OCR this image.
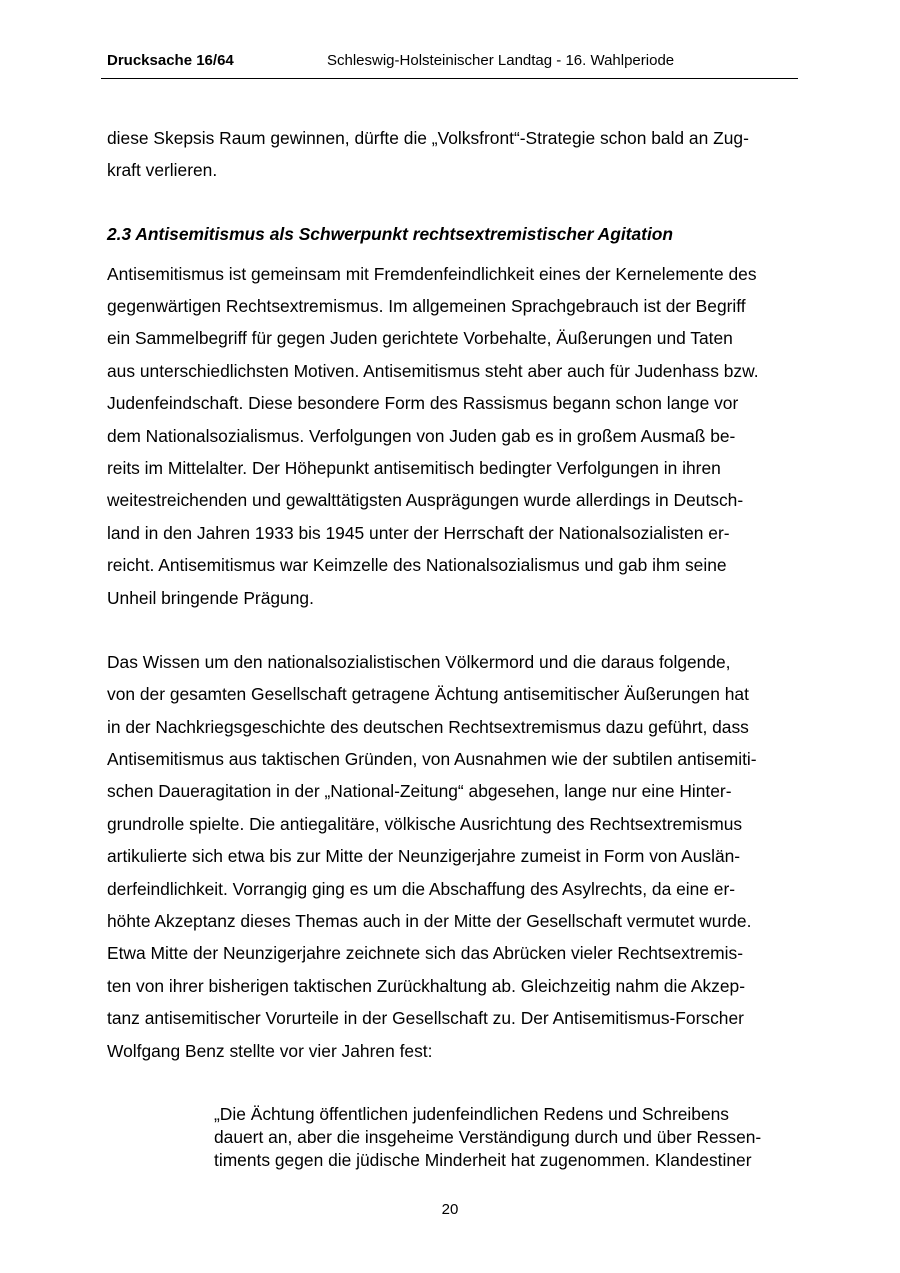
Drucksache 16/64	Schleswig-Holsteinischer Landtag - 16. Wahlperiode
diese Skepsis Raum gewinnen, dürfte die „Volksfront“-Strategie schon bald an Zug-
kraft verlieren.
2.3 Antisemitismus als Schwerpunkt rechtsextremistischer Agitation
Antisemitismus ist gemeinsam mit Fremdenfeindlichkeit eines der Kernelemente des
gegenwärtigen Rechtsextremismus. Im allgemeinen Sprachgebrauch ist der Begriff
ein Sammelbegriff für gegen Juden gerichtete Vorbehalte, Äußerungen und Taten
aus unterschiedlichsten Motiven. Antisemitismus steht aber auch für Judenhass bzw.
Judenfeindschaft. Diese besondere Form des Rassismus begann schon lange vor
dem Nationalsozialismus. Verfolgungen von Juden gab es in großem Ausmaß be-
reits im Mittelalter. Der Höhepunkt antisemitisch bedingter Verfolgungen in ihren
weitestreichenden und gewalttätigsten Ausprägungen wurde allerdings in Deutsch-
land in den Jahren 1933 bis 1945 unter der Herrschaft der Nationalsozialisten er-
reicht. Antisemitismus war Keimzelle des Nationalsozialismus und gab ihm seine
Unheil bringende Prägung.
Das Wissen um den nationalsozialistischen Völkermord und die daraus folgende,
von der gesamten Gesellschaft getragene Ächtung antisemitischer Äußerungen hat
in der Nachkriegsgeschichte des deutschen Rechtsextremismus dazu geführt, dass
Antisemitismus aus taktischen Gründen, von Ausnahmen wie der subtilen antisemiti-
schen Daueragitation in der „National-Zeitung“ abgesehen, lange nur eine Hinter-
grundrolle spielte. Die antiegalitäre, völkische Ausrichtung des Rechtsextremismus
artikulierte sich etwa bis zur Mitte der Neunzigerjahre zumeist in Form von Auslän-
derfeindlichkeit. Vorrangig ging es um die Abschaffung des Asylrechts, da eine er-
höhte Akzeptanz dieses Themas auch in der Mitte der Gesellschaft vermutet wurde.
Etwa Mitte der Neunzigerjahre zeichnete sich das Abrücken vieler Rechtsextremis-
ten von ihrer bisherigen taktischen Zurückhaltung ab. Gleichzeitig nahm die Akzep-
tanz antisemitischer Vorurteile in der Gesellschaft zu. Der Antisemitismus-Forscher
Wolfgang Benz stellte vor vier Jahren fest:
„Die Ächtung öffentlichen judenfeindlichen Redens und Schreibens
dauert an, aber die insgeheime Verständigung durch und über Ressen-
timents gegen die jüdische Minderheit hat zugenommen. Klandestiner
20
